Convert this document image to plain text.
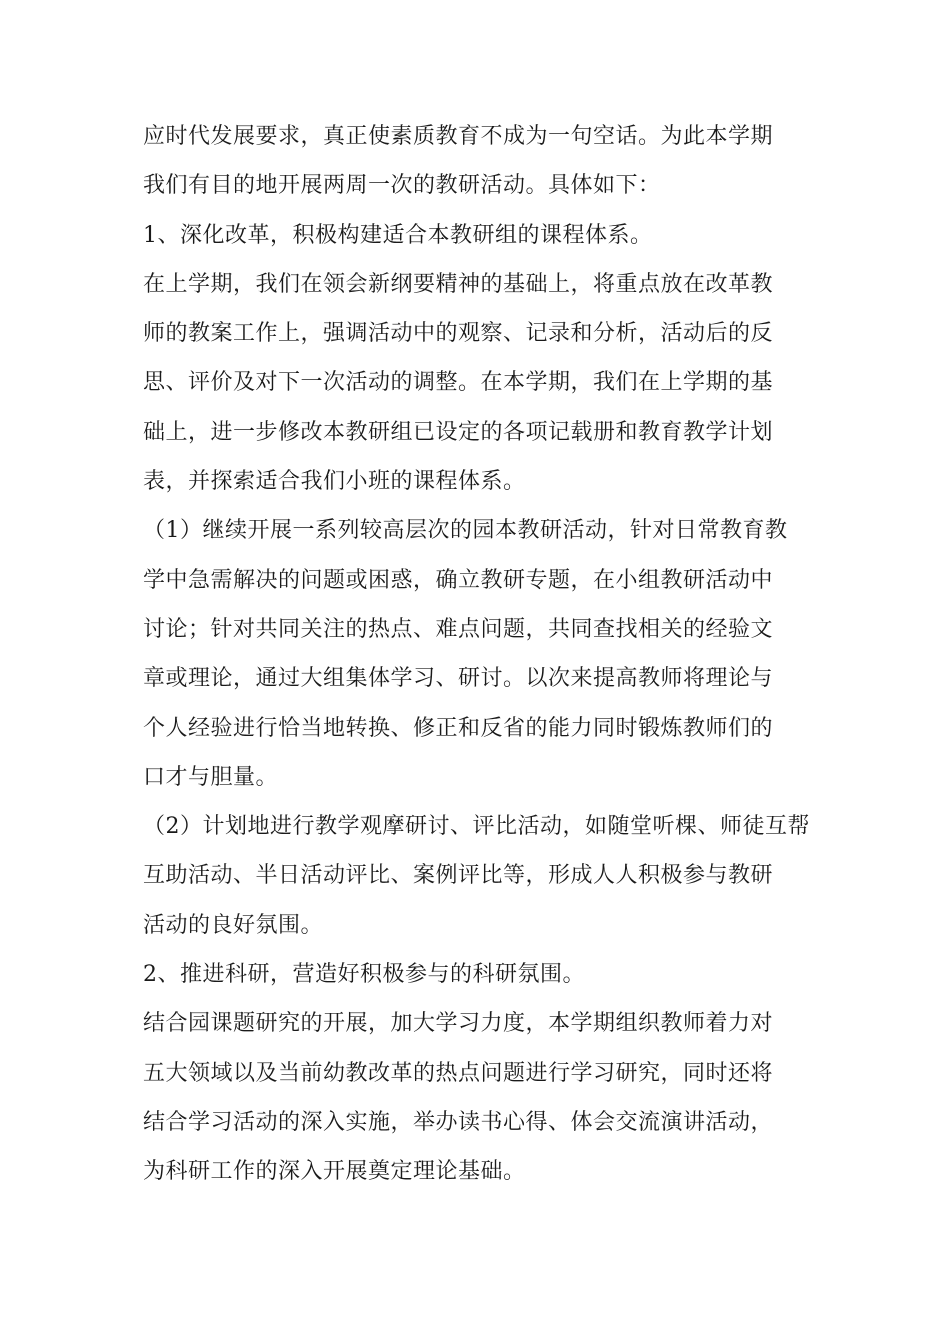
应时代发展要求，真正使素质教育不成为一句空话。为此本学期
我们有目的地开展两周一次的教研活动。具体如下：
1、深化改革，积极构建适合本教研组的课程体系。
在上学期，我们在领会新纲要精神的基础上，将重点放在改革教
师的教案工作上，强调活动中的观察、记录和分析，活动后的反
思、评价及对下一次活动的调整。在本学期，我们在上学期的基
础上，进一步修改本教研组已设定的各项记载册和教育教学计划
表，并探索适合我们小班的课程体系。
（1）继续开展一系列较高层次的园本教研活动，针对日常教育教
学中急需解决的问题或困惑，确立教研专题，在小组教研活动中
讨论；针对共同关注的热点、难点问题，共同查找相关的经验文
章或理论，通过大组集体学习、研讨。以次来提高教师将理论与
个人经验进行恰当地转换、修正和反省的能力同时锻炼教师们的
口才与胆量。
（2）计划地进行教学观摩研讨、评比活动，如随堂听棵、师徒互帮
互助活动、半日活动评比、案例评比等，形成人人积极参与教研
活动的良好氛围。
2、推进科研，营造好积极参与的科研氛围。
结合园课题研究的开展，加大学习力度，本学期组织教师着力对
五大领域以及当前幼教改革的热点问题进行学习研究，同时还将
结合学习活动的深入实施，举办读书心得、体会交流演讲活动，
为科研工作的深入开展奠定理论基础。
